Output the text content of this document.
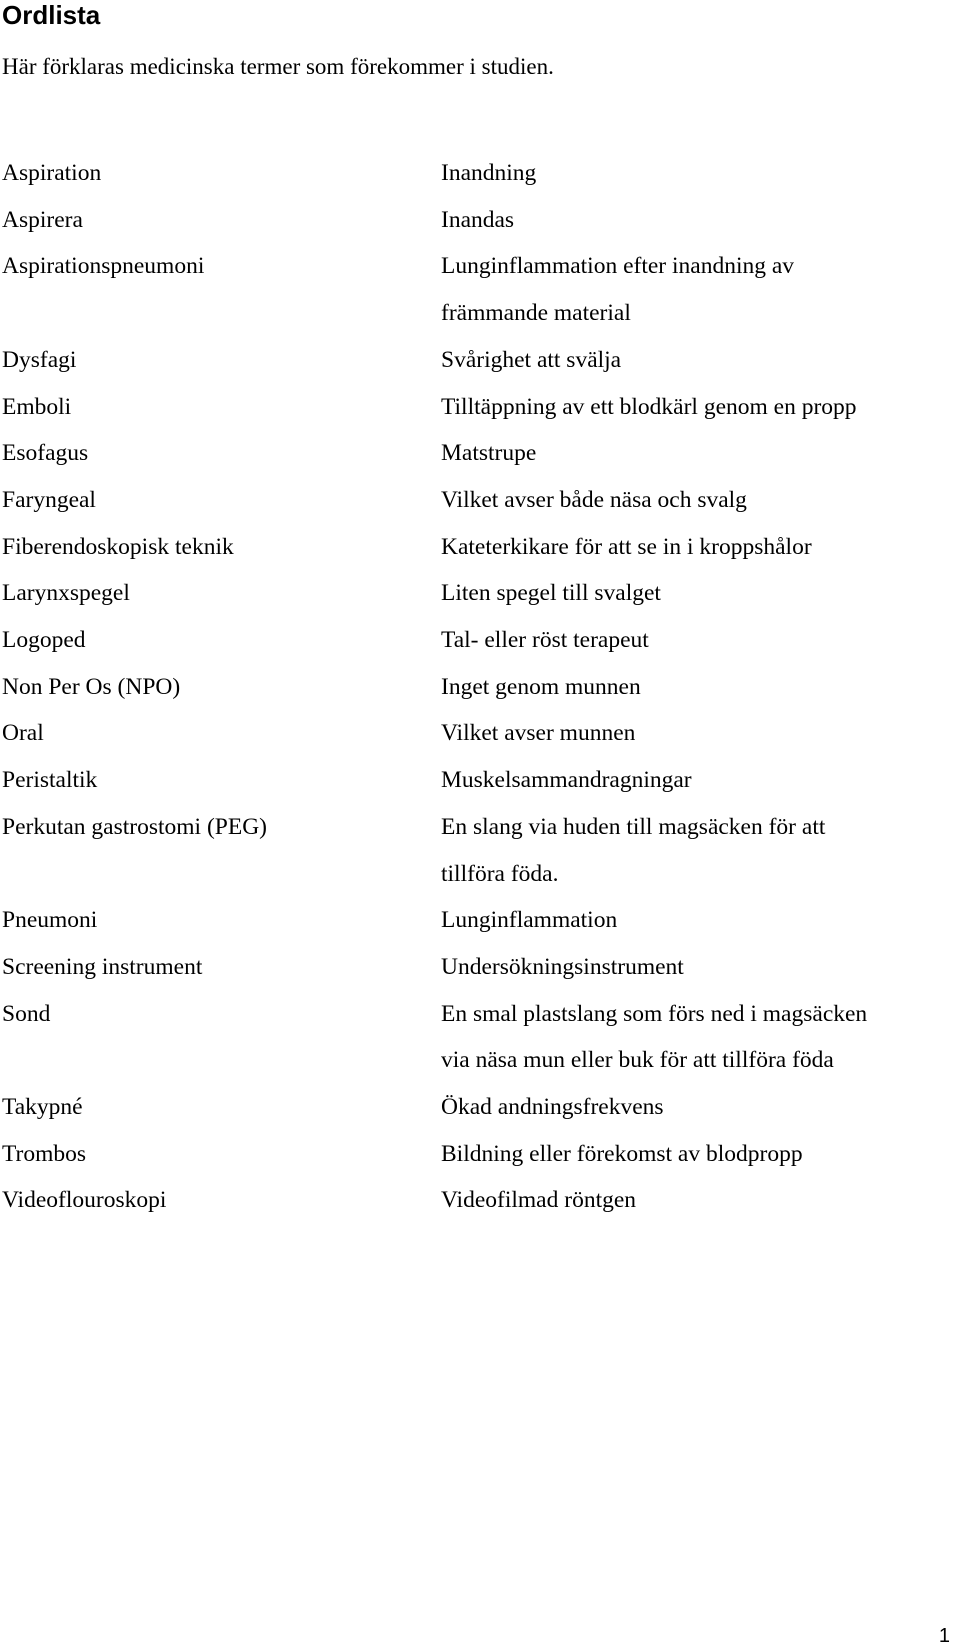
Ordlista

Här förklaras medicinska termer som förekommer i studien.

Aspiration	Inandning
Aspirera	Inandas
Aspirationspneumoni	Lunginflammation efter inandning av
främmande material
Dysfagi	Svårighet att svälja
Emboli	Tilltäppning av ett blodkärl genom en propp
Esofagus	Matstrupe
Faryngeal	Vilket avser både näsa och svalg
Fiberendoskopisk teknik	Kateterkikare för att se in i kroppshålor
Larynxspegel	Liten spegel till svalget
Logoped	Tal- eller röst terapeut
Non Per Os (NPO)	Inget genom munnen
Oral	Vilket avser munnen
Peristaltik	Muskelsammandragningar
Perkutan gastrostomi (PEG)	En slang via huden till magsäcken för att
tillföra föda.
Pneumoni	Lunginflammation
Screening instrument	Undersökningsinstrument
Sond	En smal plastslang som förs ned i magsäcken
via näsa mun eller buk för att tillföra föda
Takypné	Ökad andningsfrekvens
Trombos	Bildning eller förekomst av blodpropp
Videoflouroskopi	Videofilmad röntgen
1
